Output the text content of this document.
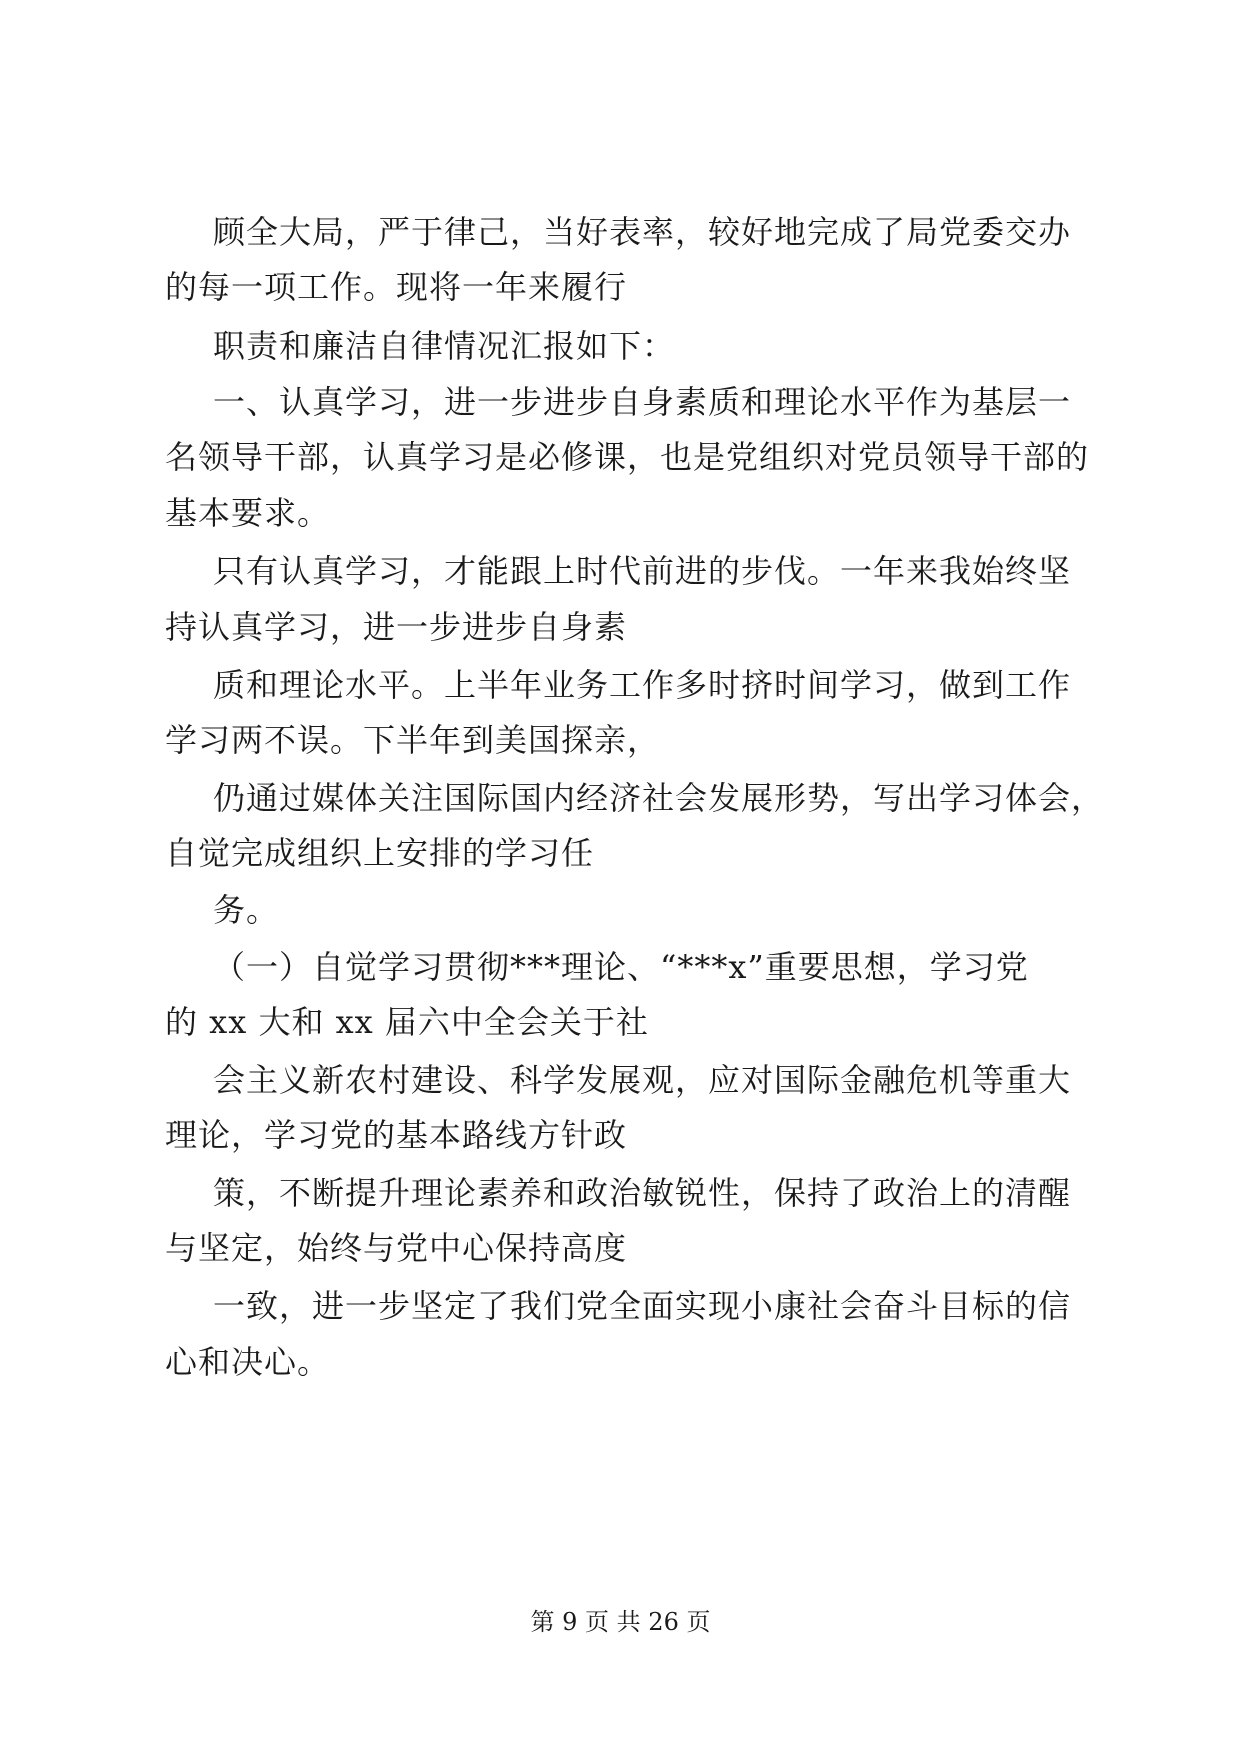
顾全大局，严于律己，当好表率，较好地完成了局党委交办
的每一项工作。现将一年来履行
职责和廉洁自律情况汇报如下：
一、认真学习，进一步进步自身素质和理论水平作为基层一
名领导干部，认真学习是必修课，也是党组织对党员领导干部的
基本要求。
只有认真学习，才能跟上时代前进的步伐。一年来我始终坚
持认真学习，进一步进步自身素
质和理论水平。上半年业务工作多时挤时间学习，做到工作
学习两不误。下半年到美国探亲，
仍通过媒体关注国际国内经济社会发展形势，写出学习体会，
自觉完成组织上安排的学习任
务。
（一）自觉学习贯彻***理论、“***x”重要思想，学习党
的 xx 大和 xx 届六中全会关于社
会主义新农村建设、科学发展观，应对国际金融危机等重大
理论，学习党的基本路线方针政
策，不断提升理论素养和政治敏锐性，保持了政治上的清醒
与坚定，始终与党中心保持高度
一致，进一步坚定了我们党全面实现小康社会奋斗目标的信
心和决心。
第 9 页 共 26 页
